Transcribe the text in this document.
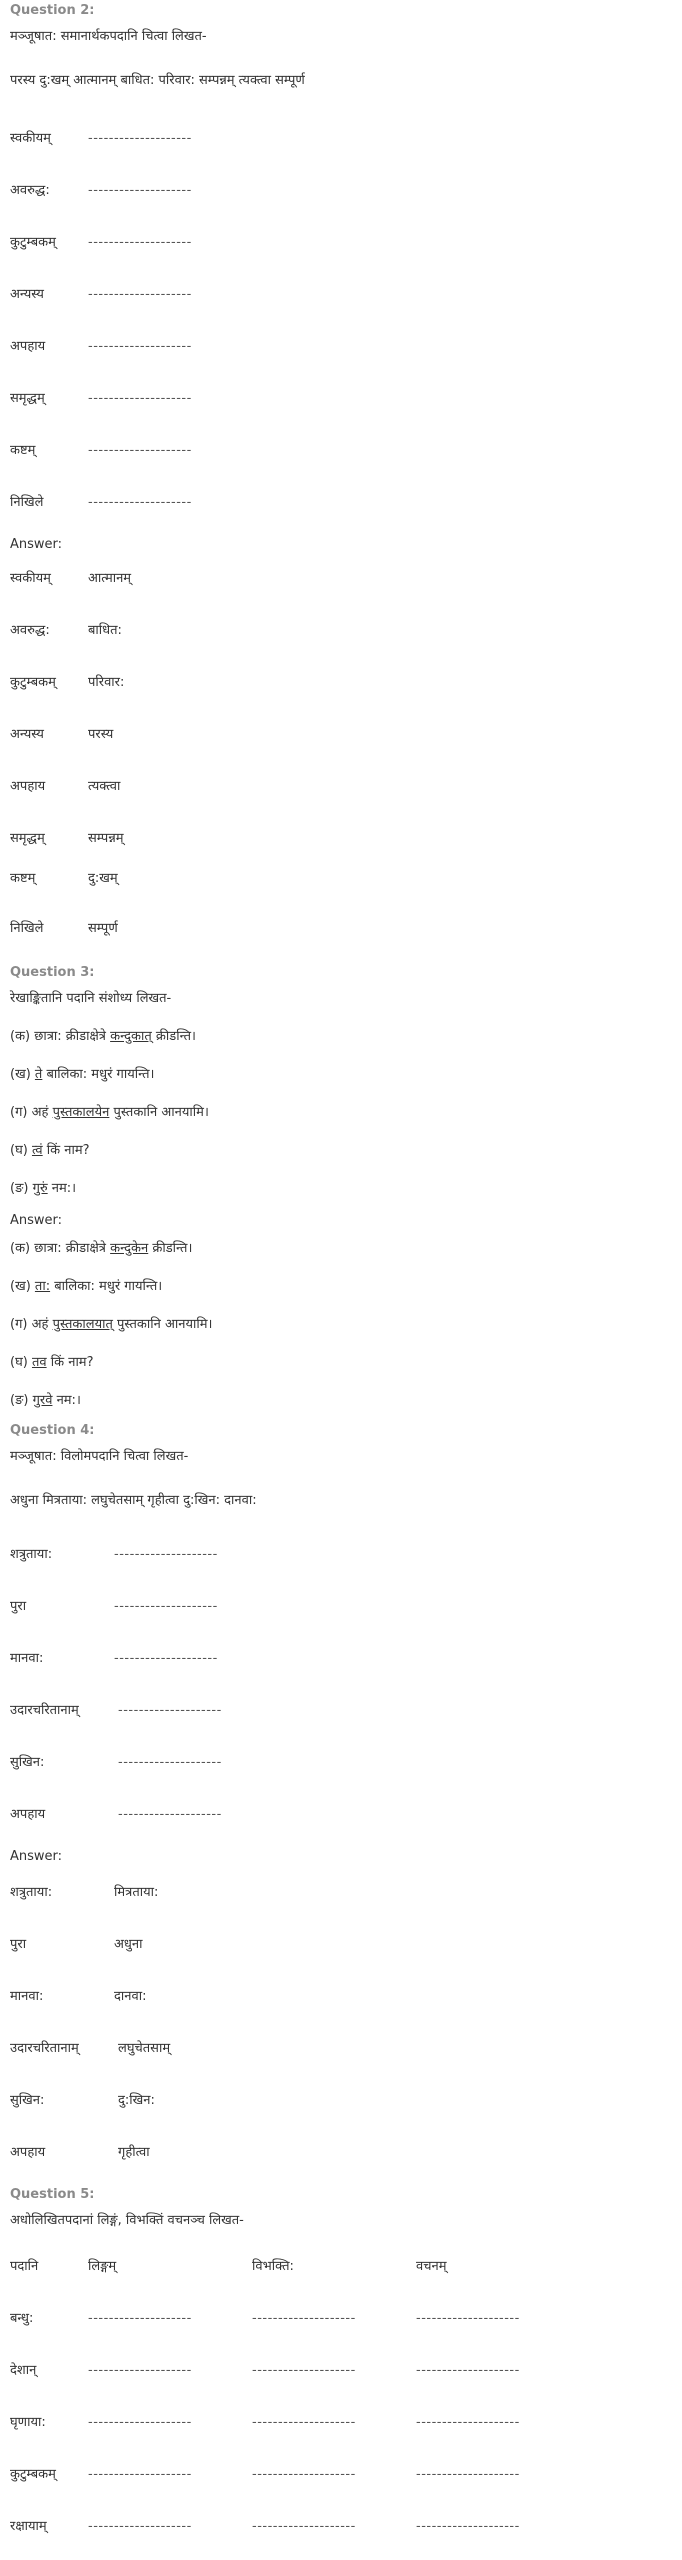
Question 2:
मञ्जूषात: समानार्थकपदानि चित्वा लिखत-
परस्य दु:खम् आत्मानम् बाधित: परिवार: सम्पन्नम् त्यक्त्वा सम्पूर्ण
स्वकीयम्	--------------------
अवरुद्ध:	--------------------
कुटुम्बकम् --------------------
अन्यस्य	--------------------
अपहाय	--------------------
समृद्धम्	--------------------
कष्टम्	--------------------
निखिले	--------------------
Answer:
स्वकीयम्	आत्मानम्
अवरुद्ध:	बाधित:
कुटुम्बकम् परिवार:
अन्यस्य	परस्य
अपहाय	त्यक्त्वा
समृद्धम्	सम्पन्नम्
कष्टम्	दु:खम्
निखिले	सम्पूर्ण
Question 3:
रेखाङ्कितानि पदानि संशोध्य लिखत-
(क) छात्रा: क्रीडाक्षेत्रे कन्दुकात् क्रीडन्ति।
(ख) ते बालिका: मधुरं गायन्ति।
(ग) अहं पुस्तकालयेन पुस्तकानि आनयामि।
(घ) त्वं किं नाम?
(ङ) गुरुं नम:।
Answer:
(क) छात्रा: क्रीडाक्षेत्रे कन्दुकेन क्रीडन्ति।
(ख) ता: बालिका: मधुरं गायन्ति।
(ग) अहं पुस्तकालयात् पुस्तकानि आनयामि।
(घ) तव किं नाम?
(ङ) गुरवे नम:।
Question 4:
मञ्जूषात: विलोमपदानि चित्वा लिखत-
अधुना मित्रताया: लघुचेतसाम् गृहीत्वा दु:खिन: दानवा:
शत्रुताया:	--------------------
पुरा	--------------------
मानवा:	--------------------
उदारचरितानाम्	--------------------
सुखिन:	--------------------
अपहाय	--------------------
Answer:
शत्रुताया:	मित्रताया:
पुरा	अधुना
मानवा:	दानवा:
उदारचरितानाम्	लघुचेतसाम्
सुखिन:	दु:खिन:
अपहाय	गृहीत्वा
Question 5:
अधोलिखितपदानां लिङ्गं, विभक्तिं वचनञ्च लिखत-
पदानि	लिङ्गम्	विभक्ति:	वचनम्
बन्धु:	--------------------	--------------------	--------------------
देशान्	--------------------	--------------------	--------------------
घृणाया:	--------------------	--------------------	--------------------
कुटुम्बकम् --------------------	--------------------	--------------------
रक्षायाम्	--------------------	--------------------	--------------------
